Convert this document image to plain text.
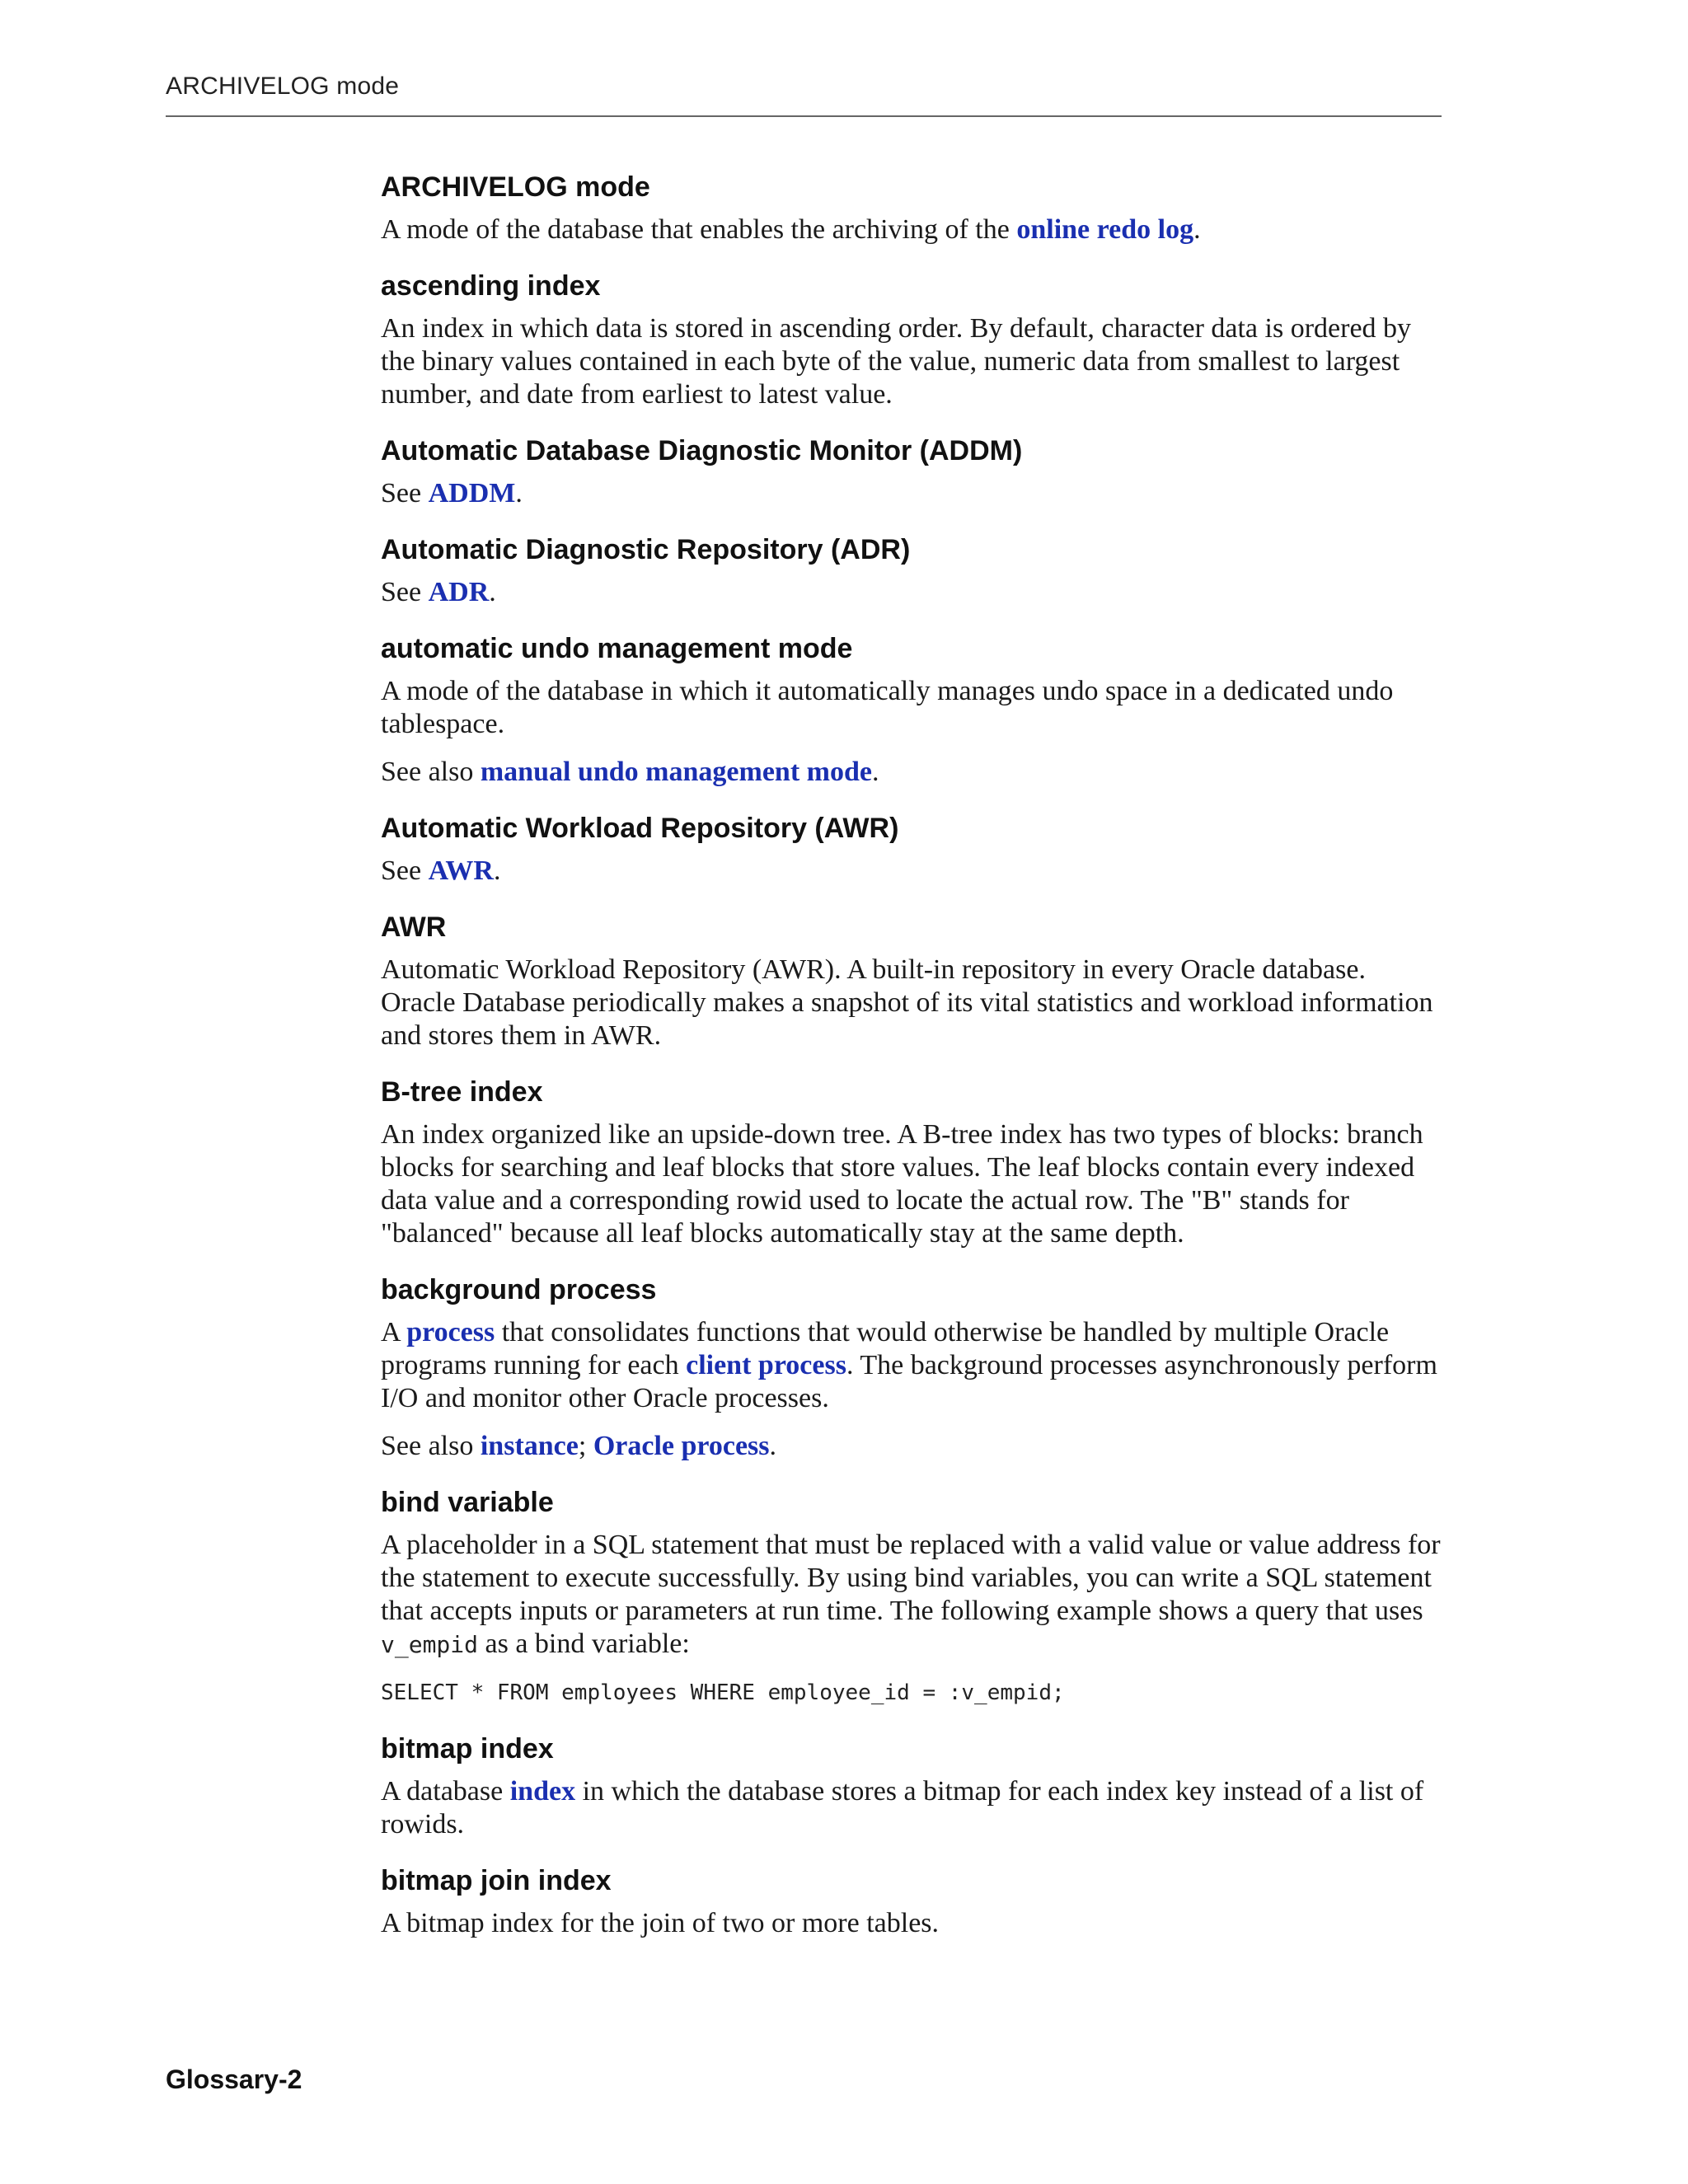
ARCHIVELOG mode
ARCHIVELOG mode
A mode of the database that enables the archiving of the online redo log.
ascending index
An index in which data is stored in ascending order. By default, character data is ordered by the binary values contained in each byte of the value, numeric data from smallest to largest number, and date from earliest to latest value.
Automatic Database Diagnostic Monitor (ADDM)
See ADDM.
Automatic Diagnostic Repository (ADR)
See ADR.
automatic undo management mode
A mode of the database in which it automatically manages undo space in a dedicated undo tablespace.
See also manual undo management mode.
Automatic Workload Repository (AWR)
See AWR.
AWR
Automatic Workload Repository (AWR). A built-in repository in every Oracle database. Oracle Database periodically makes a snapshot of its vital statistics and workload information and stores them in AWR.
B-tree index
An index organized like an upside-down tree. A B-tree index has two types of blocks: branch blocks for searching and leaf blocks that store values. The leaf blocks contain every indexed data value and a corresponding rowid used to locate the actual row. The "B" stands for "balanced" because all leaf blocks automatically stay at the same depth.
background process
A process that consolidates functions that would otherwise be handled by multiple Oracle programs running for each client process. The background processes asynchronously perform I/O and monitor other Oracle processes.
See also instance; Oracle process.
bind variable
A placeholder in a SQL statement that must be replaced with a valid value or value address for the statement to execute successfully. By using bind variables, you can write a SQL statement that accepts inputs or parameters at run time. The following example shows a query that uses v_empid as a bind variable:
SELECT * FROM employees WHERE employee_id = :v_empid;
bitmap index
A database index in which the database stores a bitmap for each index key instead of a list of rowids.
bitmap join index
A bitmap index for the join of two or more tables.
Glossary-2
